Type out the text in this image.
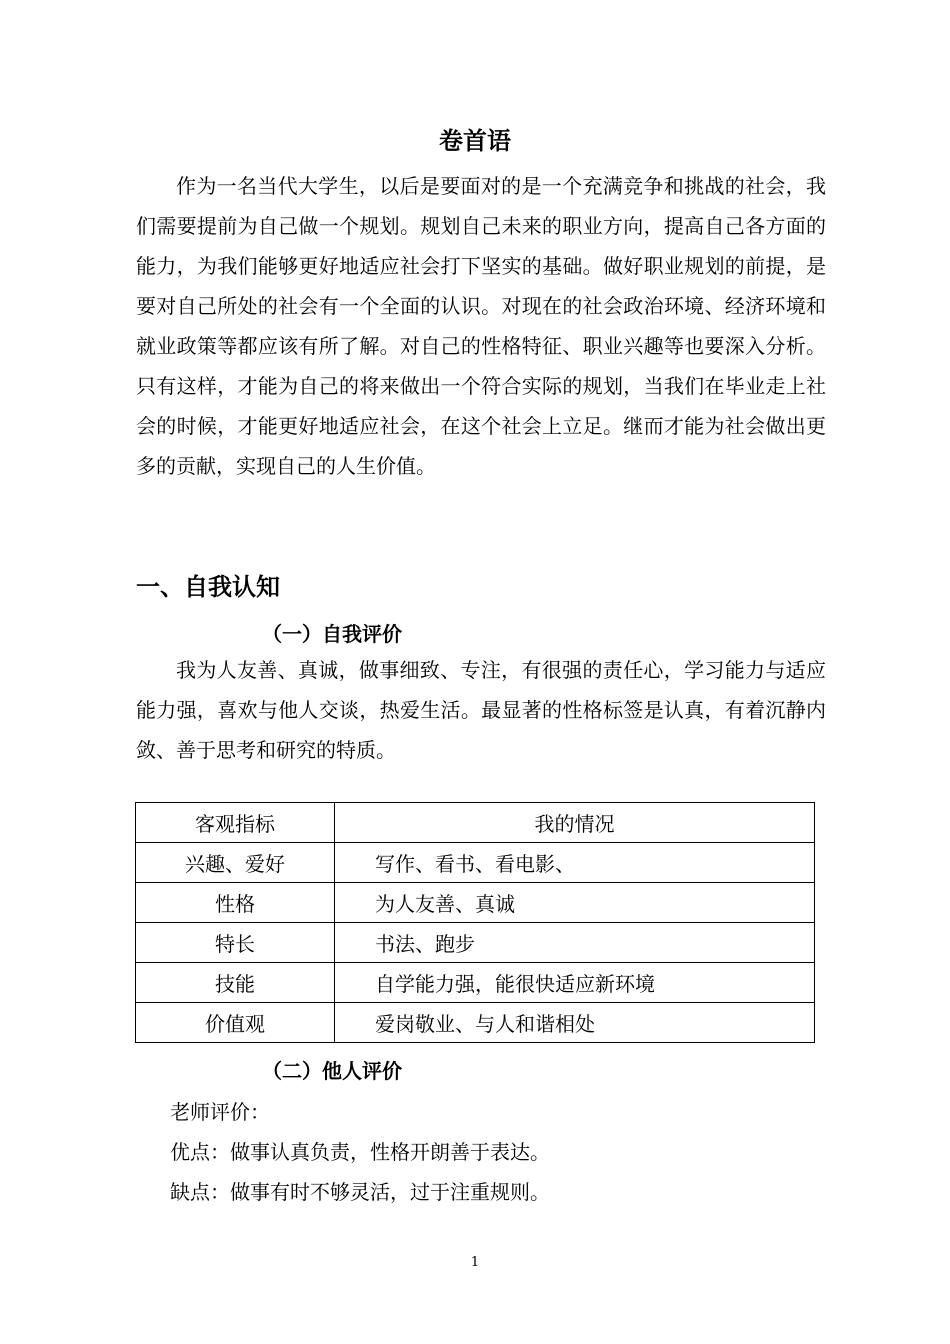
卷首语

作为一名当代大学生，以后是要面对的是一个充满竞争和挑战的社会，我们需要提前为自己做一个规划。规划自己未来的职业方向，提高自己各方面的能力，为我们能够更好地适应社会打下坚实的基础。做好职业规划的前提，是要对自己所处的社会有一个全面的认识。对现在的社会政治环境、经济环境和就业政策等都应该有所了解。对自己的性格特征、职业兴趣等也要深入分析。只有这样，才能为自己的将来做出一个符合实际的规划，当我们在毕业走上社会的时候，才能更好地适应社会，在这个社会上立足。继而才能为社会做出更多的贡献，实现自己的人生价值。

一、自我认知
（一）自我评价

我为人友善、真诚，做事细致、专注，有很强的责任心，学习能力与适应能力强，喜欢与他人交谈，热爱生活。最显著的性格标签是认真，有着沉静内敛、善于思考和研究的特质。

客观指标	我的情况
兴趣、爱好	写作、看书、看电影、
性格	为人友善、真诚
特长	书法、跑步
技能	自学能力强，能很快适应新环境
价值观	爱岗敬业、与人和谐相处
（二）他人评价

老师评价：

优点：做事认真负责，性格开朗善于表达。

缺点：做事有时不够灵活，过于注重规则。

1
